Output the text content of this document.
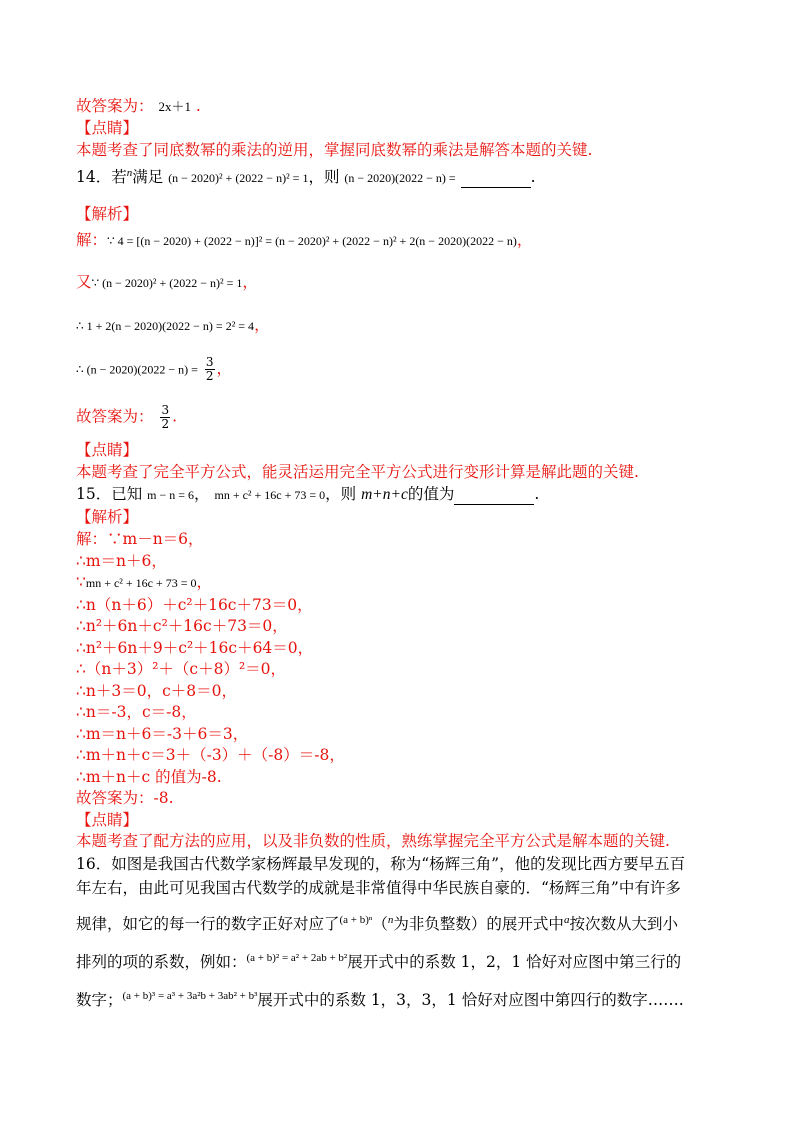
故答案为： 2x＋1 .
【点睛】
本题考查了同底数幂的乘法的逆用，掌握同底数幂的乘法是解答本题的关键.
14．若$^n$满足 (n − 2020)² + (2022 − n)² = 1，则 (n − 2020)(2022 − n) =	.
【解析】
解：∵ 4 = [(n − 2020) + (2022 − n)]² = (n − 2020)² + (2022 − n)² + 2(n − 2020)(2022 − n)，
又∵ (n − 2020)² + (2022 − n)² = 1，
∴ 1 + 2(n − 2020)(2022 − n) = 2² = 4，
∴ $(n - 2020)(2022 - n) = \frac{3}{2}$ ，
故答案为： $\frac{3}{2}$ .
【点睛】
本题考查了完全平方公式，能灵活运用完全平方公式进行变形计算是解此题的关键.
15．已知 m − n = 6， mn + c² + 16c + 73 = 0，则 m+n+c的值为	.
【解析】
解：∵m－n＝6，
∴m＝n＋6，
∵mn + c² + 16c + 73 = 0，
∴n（n＋6）＋c²＋16c＋73＝0，
∴n²＋6n＋c²＋16c＋73＝0，
∴n²＋6n＋9＋c²＋16c＋64＝0，
∴（n＋3）²＋（c＋8）²＝0，
∴n＋3＝0，c＋8＝0，
∴n＝-3，c＝-8，
∴m＝n＋6＝-3＋6＝3，
∴m＋n＋c＝3＋（-3）＋（-8）＝-8，
∴m＋n＋c 的值为-8.
故答案为：-8.
【点睛】
本题考查了配方法的应用，以及非负数的性质，熟练掌握完全平方公式是解本题的关键.
16．如图是我国古代数学家杨辉最早发现的，称为“杨辉三角”，他的发现比西方要早五百
年左右，由此可见我国古代数学的成就是非常值得中华民族自豪的．“杨辉三角”中有许多
规律，如它的每一行的数字正好对应了$^{(a + b)^n}$（$^n$为非负整数）的展开式中$^a$按次数从大到小
排列的项的系数，例如：$^{(a + b)^2 = a^2 + 2ab + b^2}$展开式中的系数 1，2，1 恰好对应图中第三行的
数字；$^{(a + b)^3 = a^3 + 3a^2b + 3ab^2 + b^3}$展开式中的系数 1，3，3，1 恰好对应图中第四行的数字…….
